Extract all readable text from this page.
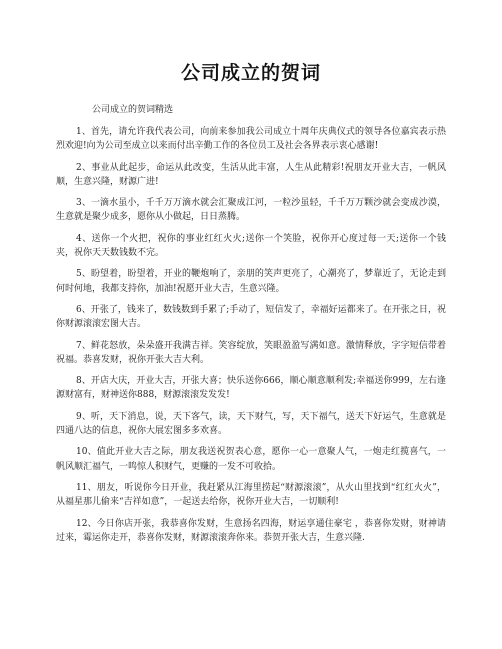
公司成立的贺词
公司成立的贺词精选

1、首先，请允许我代表公司，向前来参加我公司成立十周年庆典仪式的领导各位嘉宾表示热烈欢迎!向为公司至成立以来而付出辛勤工作的各位员工及社会各界表示衷心感谢!

2、事业从此起步，命运从此改变，生活从此丰富，人生从此精彩!祝朋友开业大吉，一帆风顺，生意兴隆，财源广进!

3、一滴水虽小，千千万万滴水就会汇聚成江河，一粒沙虽轻，千千万万颗沙就会变成沙漠，生意就是聚少成多，愿你从小做起，日日蒸腾。

4、送你一个火把，祝你的事业红红火火;送你一个笑脸，祝你开心度过每一天;送你一个钱夹，祝你天天数钱数不完。

5、盼望着，盼望着，开业的鞭炮响了，亲朋的笑声更亮了，心潮亮了，梦靠近了，无论走到何时何地，我都支持你，加油!祝愿开业大吉，生意兴隆。

6、开张了，钱来了，数钱数到手累了;手动了，短信发了，幸福好运都来了。在开张之日，祝你财源滚滚宏图大吉。

7、鲜花怒放，朵朵盛开我满吉祥。笑容绽放，笑眼盈盈写满如意。激情释放，字字短信带着祝福。恭喜发财，祝你开张大吉大利。

8、开店大庆，开业大吉，开张大喜；快乐送你666，顺心顺意顺利发;幸福送你999，左右逢源财富有，财神送你888，财源滚滚发发发!

9、听，天下消息，说，天下客气，读，天下财气，写，天下福气，送天下好运气，生意就是四通八达的信息，祝你大展宏图多多欢喜。

10、值此开业大吉之际，朋友我送祝贺表心意，愿你一心一意聚人气，一炮走红揽喜气，一帆风顺汇福气，一鸣惊人积财气，更赚的一发不可收拾。

11、朋友，听说你今日开业，我赶紧从江海里捞起“财源滚滚”，从火山里找到“红红火火”，从福星那儿偷来“吉祥如意”，一起送去给你，祝你开业大吉，一切顺利!

12、今日你店开张，我恭喜你发财，生意扬名四海，财运享通住豪宅 ，恭喜你发财，财神请过来，霉运你走开，恭喜你发财，财源滚滚奔你来。恭贺开张大吉，生意兴隆.
